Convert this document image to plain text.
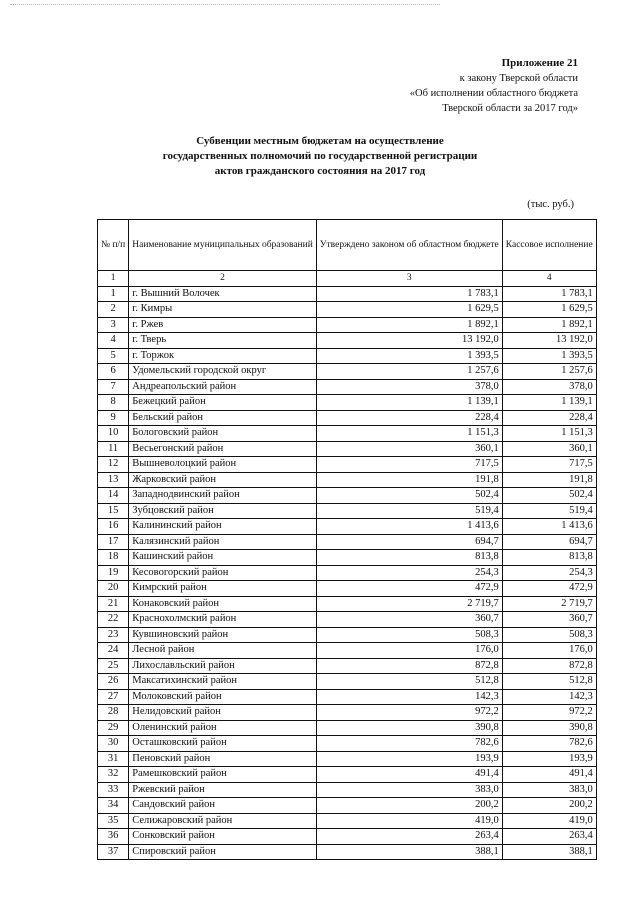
Приложение 21
к закону Тверской области
«Об исполнении областного бюджета
Тверской области за 2017 год»
Субвенции местным бюджетам на осуществление
государственных полномочий по государственной регистрации
актов гражданского состояния на 2017 год
(тыс. руб.)
№ п/п	Наименование муниципальных образований	Утверждено законом об областном бюджете	Кассовое исполнение
1	2	3	4
1	г. Вышний Волочек	1 783,1	1 783,1
2	г. Кимры	1 629,5	1 629,5
3	г. Ржев	1 892,1	1 892,1
4	г. Тверь	13 192,0	13 192,0
5	г. Торжок	1 393,5	1 393,5
6	Удомельский городской округ	1 257,6	1 257,6
7	Андреапольский район	378,0	378,0
8	Бежецкий район	1 139,1	1 139,1
9	Бельский район	228,4	228,4
10	Бологовский район	1 151,3	1 151,3
11	Весьегонский район	360,1	360,1
12	Вышневолоцкий район	717,5	717,5
13	Жарковский район	191,8	191,8
14	Западнодвинский район	502,4	502,4
15	Зубцовский район	519,4	519,4
16	Калининский район	1 413,6	1 413,6
17	Калязинский район	694,7	694,7
18	Кашинский район	813,8	813,8
19	Кесовогорский район	254,3	254,3
20	Кимрский район	472,9	472,9
21	Конаковский район	2 719,7	2 719,7
22	Краснохолмский район	360,7	360,7
23	Кувшиновский район	508,3	508,3
24	Лесной район	176,0	176,0
25	Лихославльский район	872,8	872,8
26	Максатихинский район	512,8	512,8
27	Молоковский район	142,3	142,3
28	Нелидовский район	972,2	972,2
29	Оленинский район	390,8	390,8
30	Осташковский район	782,6	782,6
31	Пеновский район	193,9	193,9
32	Рамешковский район	491,4	491,4
33	Ржевский район	383,0	383,0
34	Сандовский район	200,2	200,2
35	Селижаровский район	419,0	419,0
36	Сонковский район	263,4	263,4
37	Спировский район	388,1	388,1
